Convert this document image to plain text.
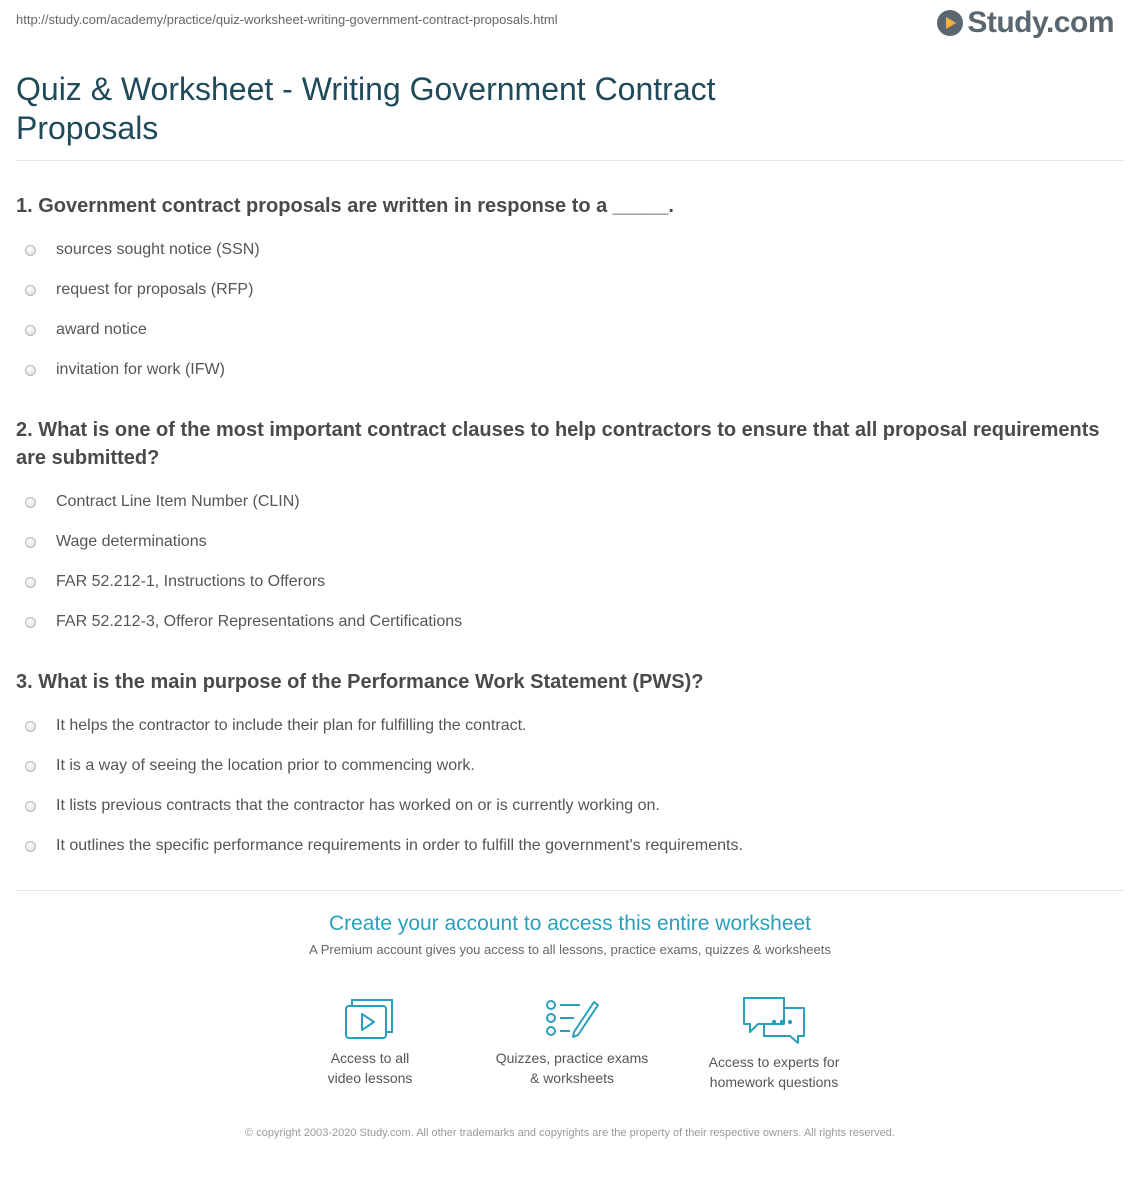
http://study.com/academy/practice/quiz-worksheet-writing-government-contract-proposals.html	Study.com
Quiz & Worksheet - Writing Government Contract Proposals
1. Government contract proposals are written in response to a _____.
sources sought notice (SSN)
request for proposals (RFP)
award notice
invitation for work (IFW)
2. What is one of the most important contract clauses to help contractors to ensure that all proposal requirements are submitted?
Contract Line Item Number (CLIN)
Wage determinations
FAR 52.212-1, Instructions to Offerors
FAR 52.212-3, Offeror Representations and Certifications
3. What is the main purpose of the Performance Work Statement (PWS)?
It helps the contractor to include their plan for fulfilling the contract.
It is a way of seeing the location prior to commencing work.
It lists previous contracts that the contractor has worked on or is currently working on.
It outlines the specific performance requirements in order to fulfill the government's requirements.
Create your account to access this entire worksheet
A Premium account gives you access to all lessons, practice exams, quizzes & worksheets
Access to all
video lessons
Quizzes, practice exams
& worksheets
Access to experts for
homework questions
© copyright 2003-2020 Study.com. All other trademarks and copyrights are the property of their respective owners. All rights reserved.
